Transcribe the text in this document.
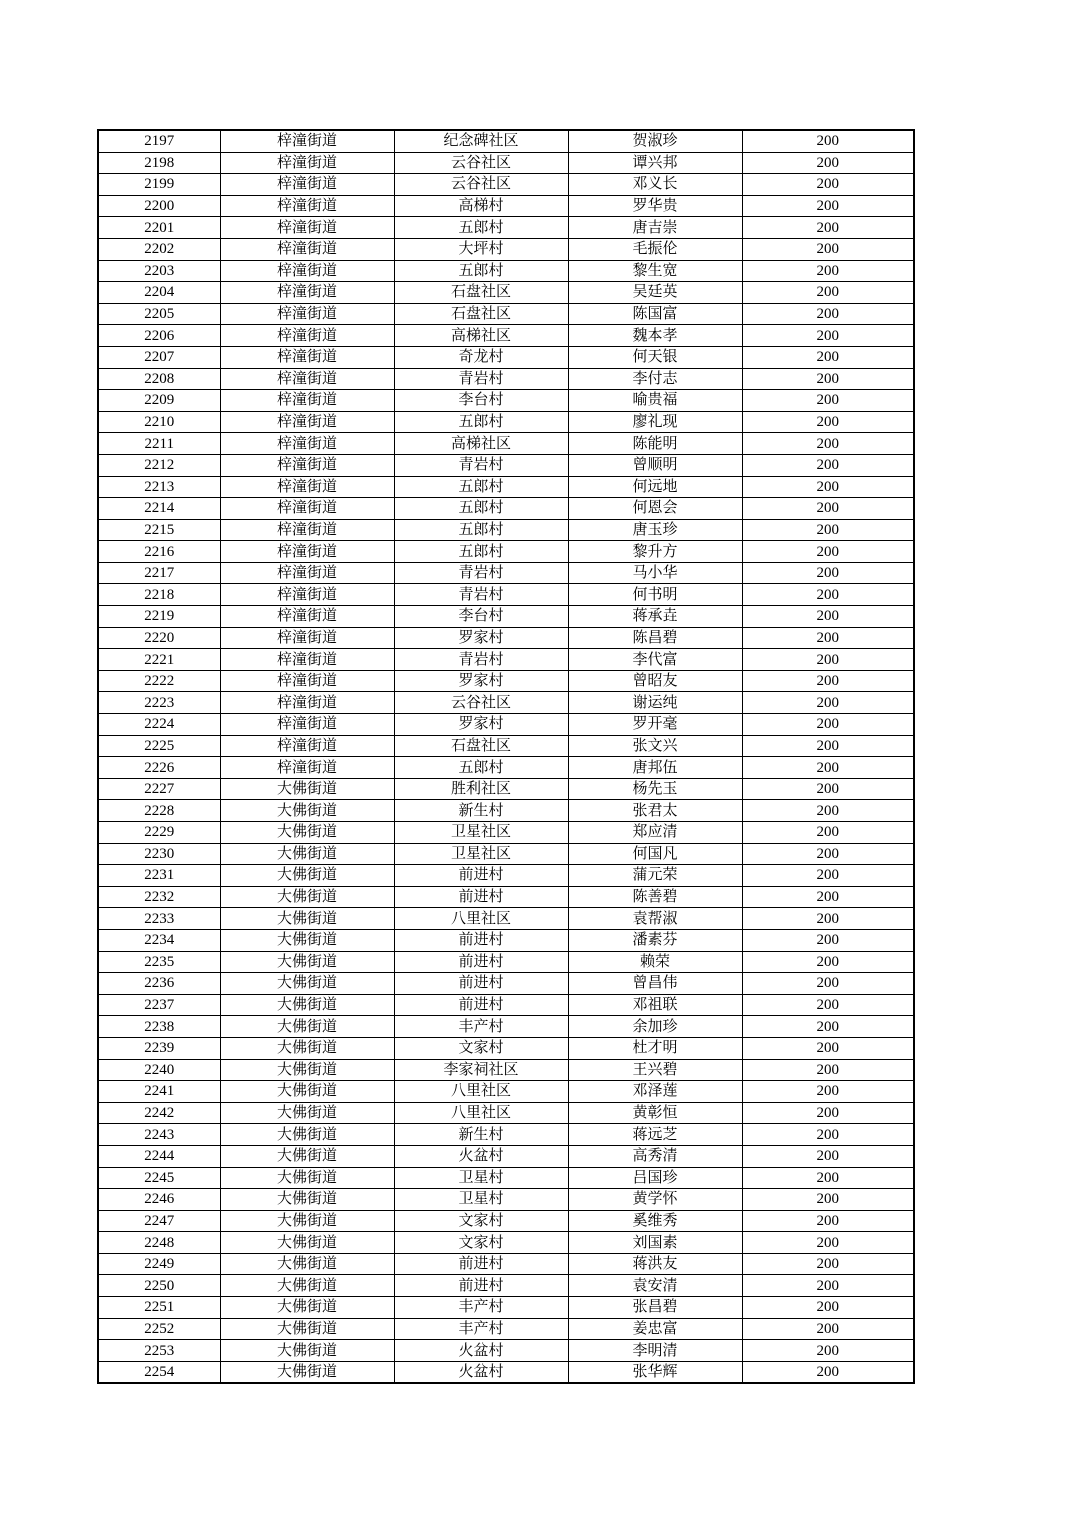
2197	梓潼街道	纪念碑社区	贺淑珍	200
2198	梓潼街道	云谷社区	谭兴邦	200
2199	梓潼街道	云谷社区	邓义长	200
2200	梓潼街道	高梯村	罗华贵	200
2201	梓潼街道	五郎村	唐吉崇	200
2202	梓潼街道	大坪村	毛振伦	200
2203	梓潼街道	五郎村	黎生宽	200
2204	梓潼街道	石盘社区	吴廷英	200
2205	梓潼街道	石盘社区	陈国富	200
2206	梓潼街道	高梯社区	魏本孝	200
2207	梓潼街道	奇龙村	何天银	200
2208	梓潼街道	青岩村	李付志	200
2209	梓潼街道	李台村	喻贵福	200
2210	梓潼街道	五郎村	廖礼现	200
2211	梓潼街道	高梯社区	陈能明	200
2212	梓潼街道	青岩村	曾顺明	200
2213	梓潼街道	五郎村	何远地	200
2214	梓潼街道	五郎村	何恩会	200
2215	梓潼街道	五郎村	唐玉珍	200
2216	梓潼街道	五郎村	黎升方	200
2217	梓潼街道	青岩村	马小华	200
2218	梓潼街道	青岩村	何书明	200
2219	梓潼街道	李台村	蒋承垚	200
2220	梓潼街道	罗家村	陈昌碧	200
2221	梓潼街道	青岩村	李代富	200
2222	梓潼街道	罗家村	曾昭友	200
2223	梓潼街道	云谷社区	谢运纯	200
2224	梓潼街道	罗家村	罗开毫	200
2225	梓潼街道	石盘社区	张文兴	200
2226	梓潼街道	五郎村	唐邦伍	200
2227	大佛街道	胜利社区	杨先玉	200
2228	大佛街道	新生村	张君太	200
2229	大佛街道	卫星社区	郑应清	200
2230	大佛街道	卫星社区	何国凡	200
2231	大佛街道	前进村	蒲元荣	200
2232	大佛街道	前进村	陈善碧	200
2233	大佛街道	八里社区	袁帮淑	200
2234	大佛街道	前进村	潘素芬	200
2235	大佛街道	前进村	赖荣	200
2236	大佛街道	前进村	曾昌伟	200
2237	大佛街道	前进村	邓祖联	200
2238	大佛街道	丰产村	余加珍	200
2239	大佛街道	文家村	杜才明	200
2240	大佛街道	李家祠社区	王兴碧	200
2241	大佛街道	八里社区	邓泽莲	200
2242	大佛街道	八里社区	黄彰恒	200
2243	大佛街道	新生村	蒋远芝	200
2244	大佛街道	火盆村	高秀清	200
2245	大佛街道	卫星村	吕国珍	200
2246	大佛街道	卫星村	黄学怀	200
2247	大佛街道	文家村	奚维秀	200
2248	大佛街道	文家村	刘国素	200
2249	大佛街道	前进村	蒋洪友	200
2250	大佛街道	前进村	袁安清	200
2251	大佛街道	丰产村	张昌碧	200
2252	大佛街道	丰产村	姜忠富	200
2253	大佛街道	火盆村	李明清	200
2254	大佛街道	火盆村	张华辉	200
